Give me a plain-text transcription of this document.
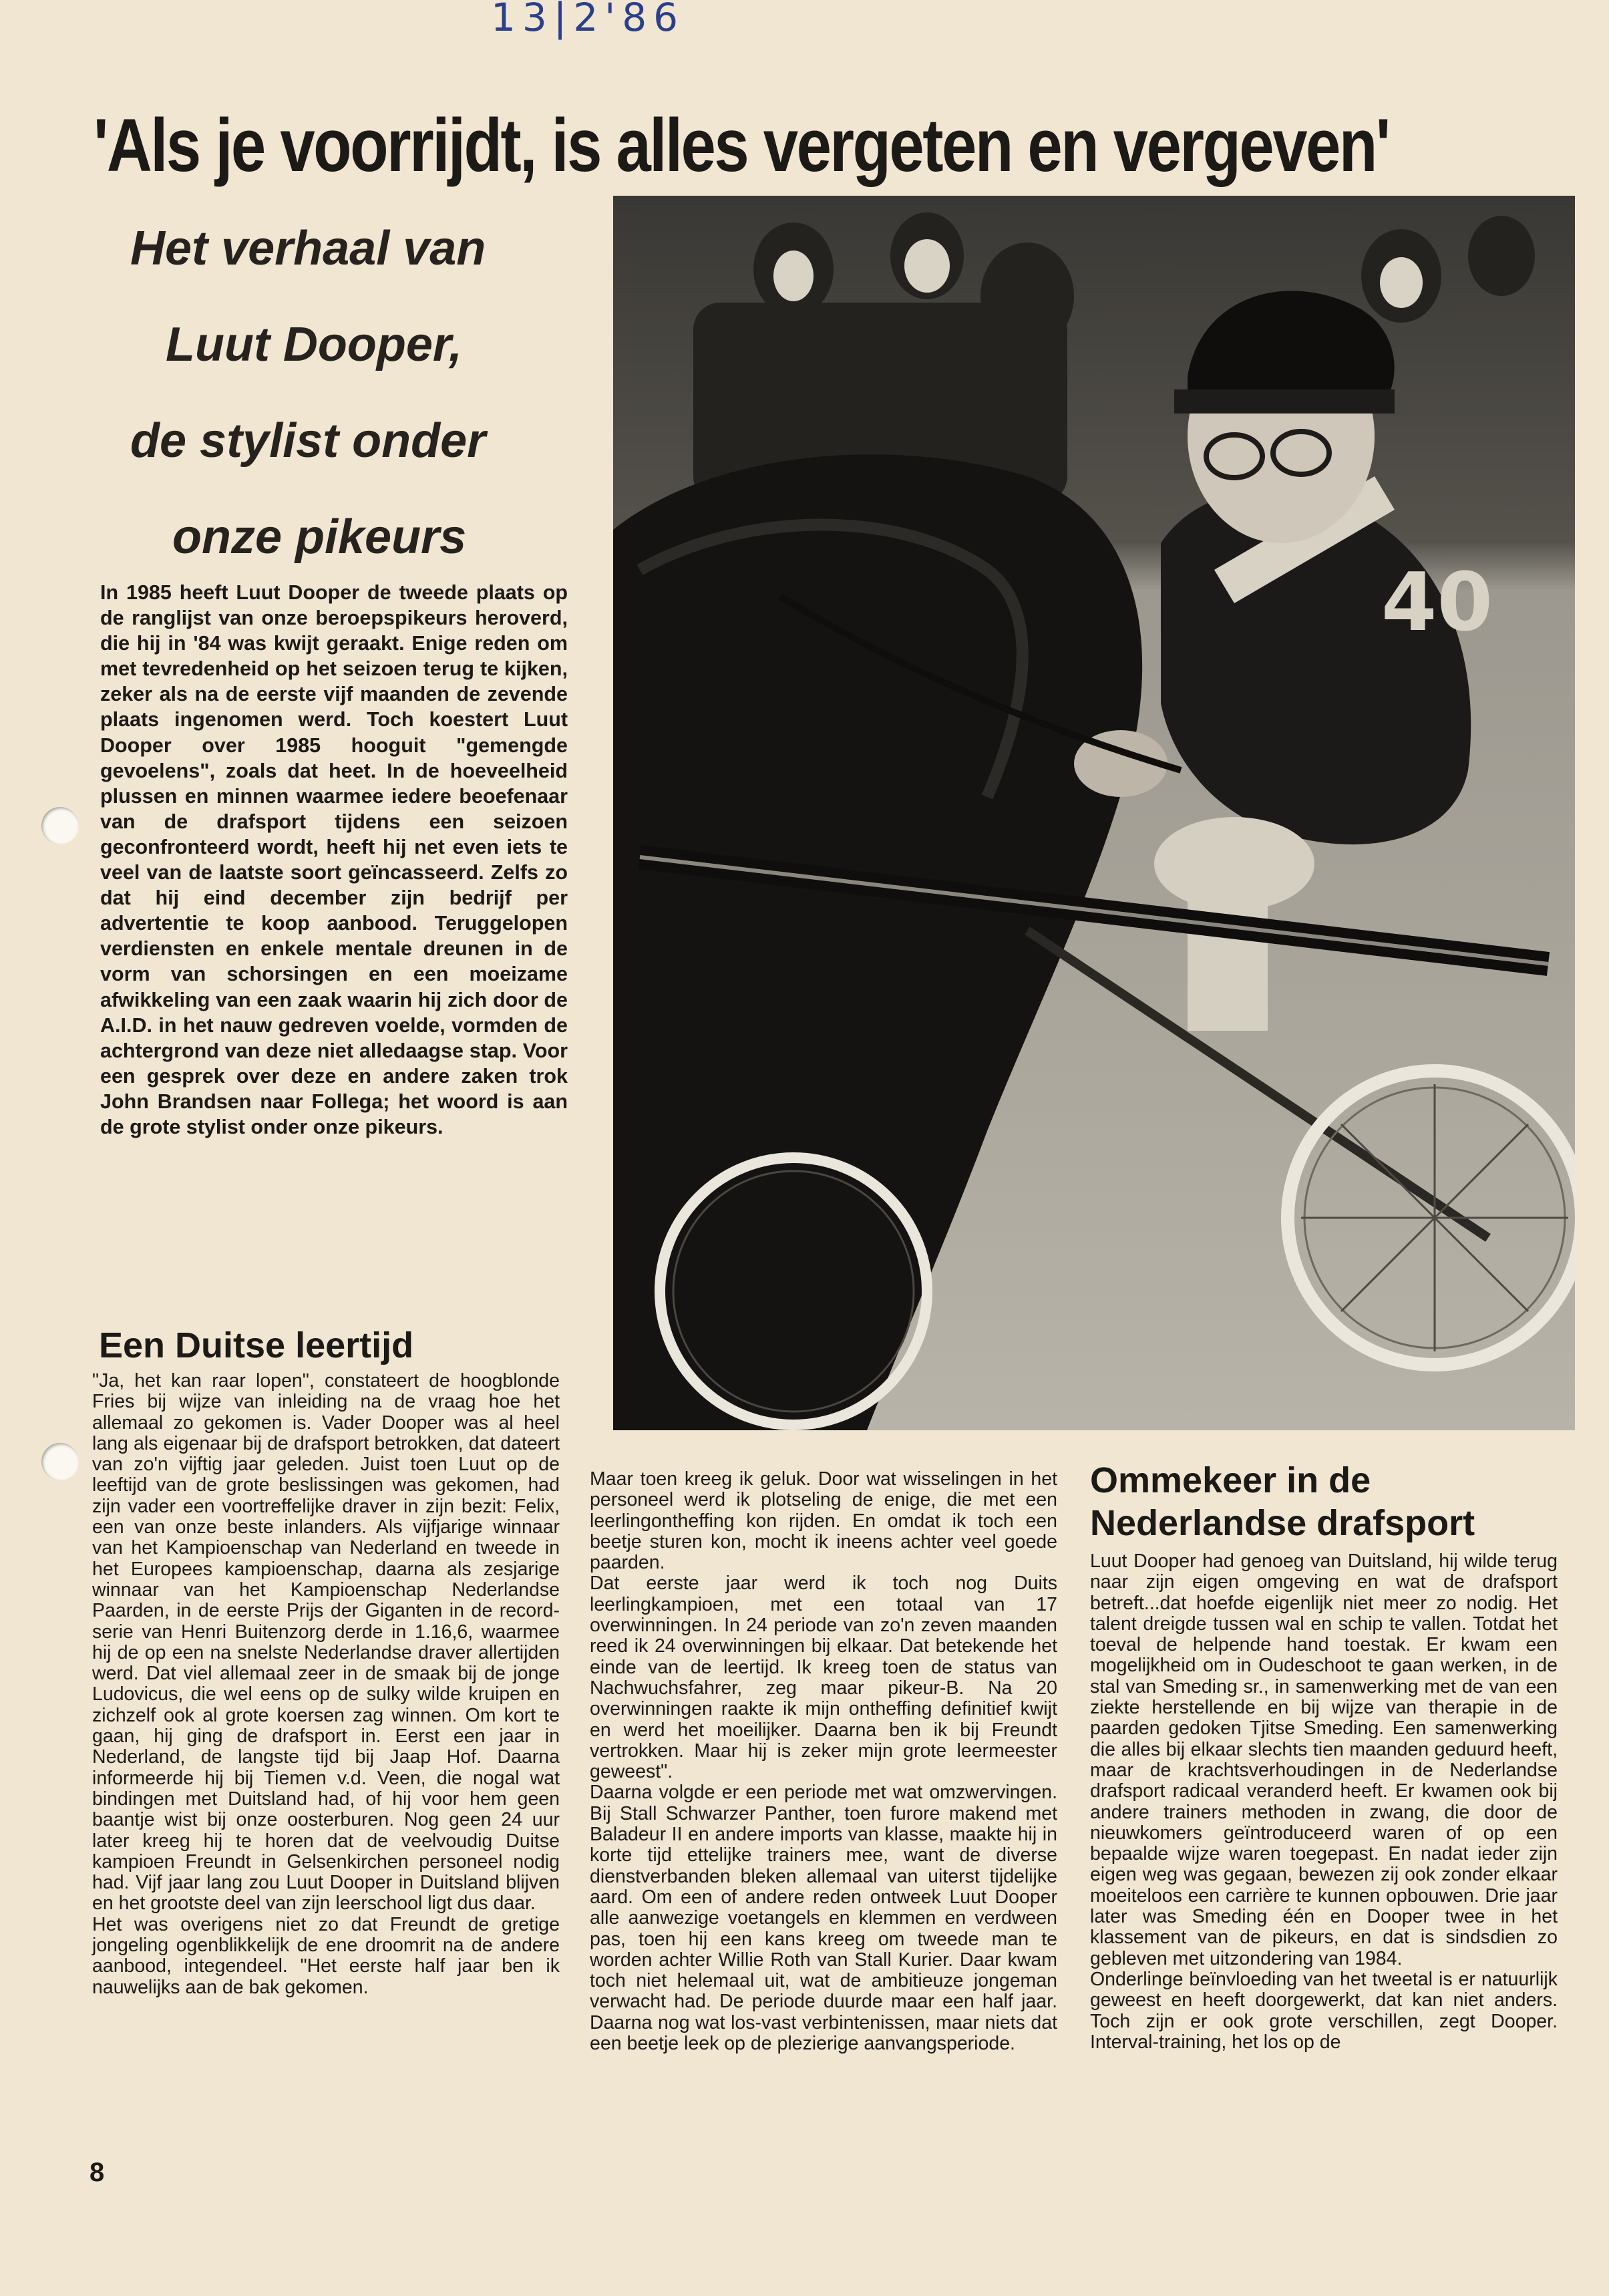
13|2'86
'Als je voorrijdt, is alles vergeten en vergeven'
Het verhaal van
Luut Dooper,
de stylist onder
onze pikeurs
In 1985 heeft Luut Dooper de tweede plaats op de ranglijst van onze beroepspikeurs heroverd, die hij in '84 was kwijt geraakt. Enige reden om met tevredenheid op het seizoen terug te kijken, zeker als na de eerste vijf maanden de zevende plaats ingenomen werd. Toch koestert Luut Dooper over 1985 hooguit "gemengde gevoelens", zoals dat heet. In de hoeveelheid plussen en minnen waarmee iedere beoefenaar van de drafsport tijdens een seizoen geconfronteerd wordt, heeft hij net even iets te veel van de laatste soort geïncasseerd. Zelfs zo dat hij eind december zijn bedrijf per advertentie te koop aanbood. Teruggelopen verdiensten en enkele mentale dreunen in de vorm van schorsingen en een moeizame afwikkeling van een zaak waarin hij zich door de A.I.D. in het nauw gedreven voelde, vormden de achtergrond van deze niet alledaagse stap. Voor een gesprek over deze en andere zaken trok John Brandsen naar Follega; het woord is aan de grote stylist onder onze pikeurs.
40
Een Duitse leertijd

"Ja, het kan raar lopen", constateert de hoogblonde Fries bij wijze van inleiding na de vraag hoe het allemaal zo gekomen is. Vader Dooper was al heel lang als eigenaar bij de drafsport betrokken, dat dateert van zo'n vijftig jaar geleden. Juist toen Luut op de leeftijd van de grote beslissingen was gekomen, had zijn vader een voortreffelijke draver in zijn bezit: Felix, een van onze beste inlanders. Als vijfjarige winnaar van het Kampioenschap van Nederland en tweede in het Europees kampioenschap, daarna als zesjarige winnaar van het Kampioenschap Nederlandse Paarden, in de eerste Prijs der Giganten in de record-serie van Henri Buitenzorg derde in 1.16,6, waarmee hij de op een na snelste Nederlandse draver allertijden werd. Dat viel allemaal zeer in de smaak bij de jonge Ludovicus, die wel eens op de sulky wilde kruipen en zichzelf ook al grote koersen zag winnen. Om kort te gaan, hij ging de drafsport in. Eerst een jaar in Nederland, de langste tijd bij Jaap Hof. Daarna informeerde hij bij Tiemen v.d. Veen, die nogal wat bindingen met Duitsland had, of hij voor hem geen baantje wist bij onze oosterburen. Nog geen 24 uur later kreeg hij te horen dat de veelvoudig Duitse kampioen Freundt in Gelsenkirchen personeel nodig had. Vijf jaar lang zou Luut Dooper in Duitsland blijven en het grootste deel van zijn leerschool ligt dus daar.

Het was overigens niet zo dat Freundt de gretige jongeling ogenblikkelijk de ene droomrit na de andere aanbood, integendeel. "Het eerste half jaar ben ik nauwelijks aan de bak gekomen.

Maar toen kreeg ik geluk. Door wat wisselingen in het personeel werd ik plotseling de enige, die met een leerlingontheffing kon rijden. En omdat ik toch een beetje sturen kon, mocht ik ineens achter veel goede paarden.

Dat eerste jaar werd ik toch nog Duits leerlingkampioen, met een totaal van 17 overwinningen. In 24 periode van zo'n zeven maanden reed ik 24 overwinningen bij elkaar. Dat betekende het einde van de leertijd. Ik kreeg toen de status van Nachwuchsfahrer, zeg maar pikeur-B. Na 20 overwinningen raakte ik mijn ontheffing definitief kwijt en werd het moeilijker. Daarna ben ik bij Freundt vertrokken. Maar hij is zeker mijn grote leermeester geweest".

Daarna volgde er een periode met wat omzwervingen. Bij Stall Schwarzer Panther, toen furore makend met Baladeur II en andere imports van klasse, maakte hij in korte tijd ettelijke trainers mee, want de diverse dienstverbanden bleken allemaal van uiterst tijdelijke aard. Om een of andere reden ontweek Luut Dooper alle aanwezige voetangels en klemmen en verdween pas, toen hij een kans kreeg om tweede man te worden achter Willie Roth van Stall Kurier. Daar kwam toch niet helemaal uit, wat de ambitieuze jongeman verwacht had. De periode duurde maar een half jaar. Daarna nog wat los-vast verbintenissen, maar niets dat een beetje leek op de plezierige aanvangsperiode.

Ommekeer in de Nederlandse drafsport

Luut Dooper had genoeg van Duitsland, hij wilde terug naar zijn eigen omgeving en wat de drafsport betreft...dat hoefde eigenlijk niet meer zo nodig. Het talent dreigde tussen wal en schip te vallen. Totdat het toeval de helpende hand toestak. Er kwam een mogelijkheid om in Oudeschoot te gaan werken, in de stal van Smeding sr., in samenwerking met de van een ziekte herstellende en bij wijze van therapie in de paarden gedoken Tjitse Smeding. Een samenwerking die alles bij elkaar slechts tien maanden geduurd heeft, maar de krachtsverhoudingen in de Nederlandse drafsport radicaal veranderd heeft. Er kwamen ook bij andere trainers methoden in zwang, die door de nieuwkomers geïntroduceerd waren of op een bepaalde wijze waren toegepast. En nadat ieder zijn eigen weg was gegaan, bewezen zij ook zonder elkaar moeiteloos een carrière te kunnen opbouwen. Drie jaar later was Smeding één en Dooper twee in het klassement van de pikeurs, en dat is sindsdien zo gebleven met uitzondering van 1984.

Onderlinge beïnvloeding van het tweetal is er natuurlijk geweest en heeft doorgewerkt, dat kan niet anders. Toch zijn er ook grote verschillen, zegt Dooper. Interval-training, het los op de

8
